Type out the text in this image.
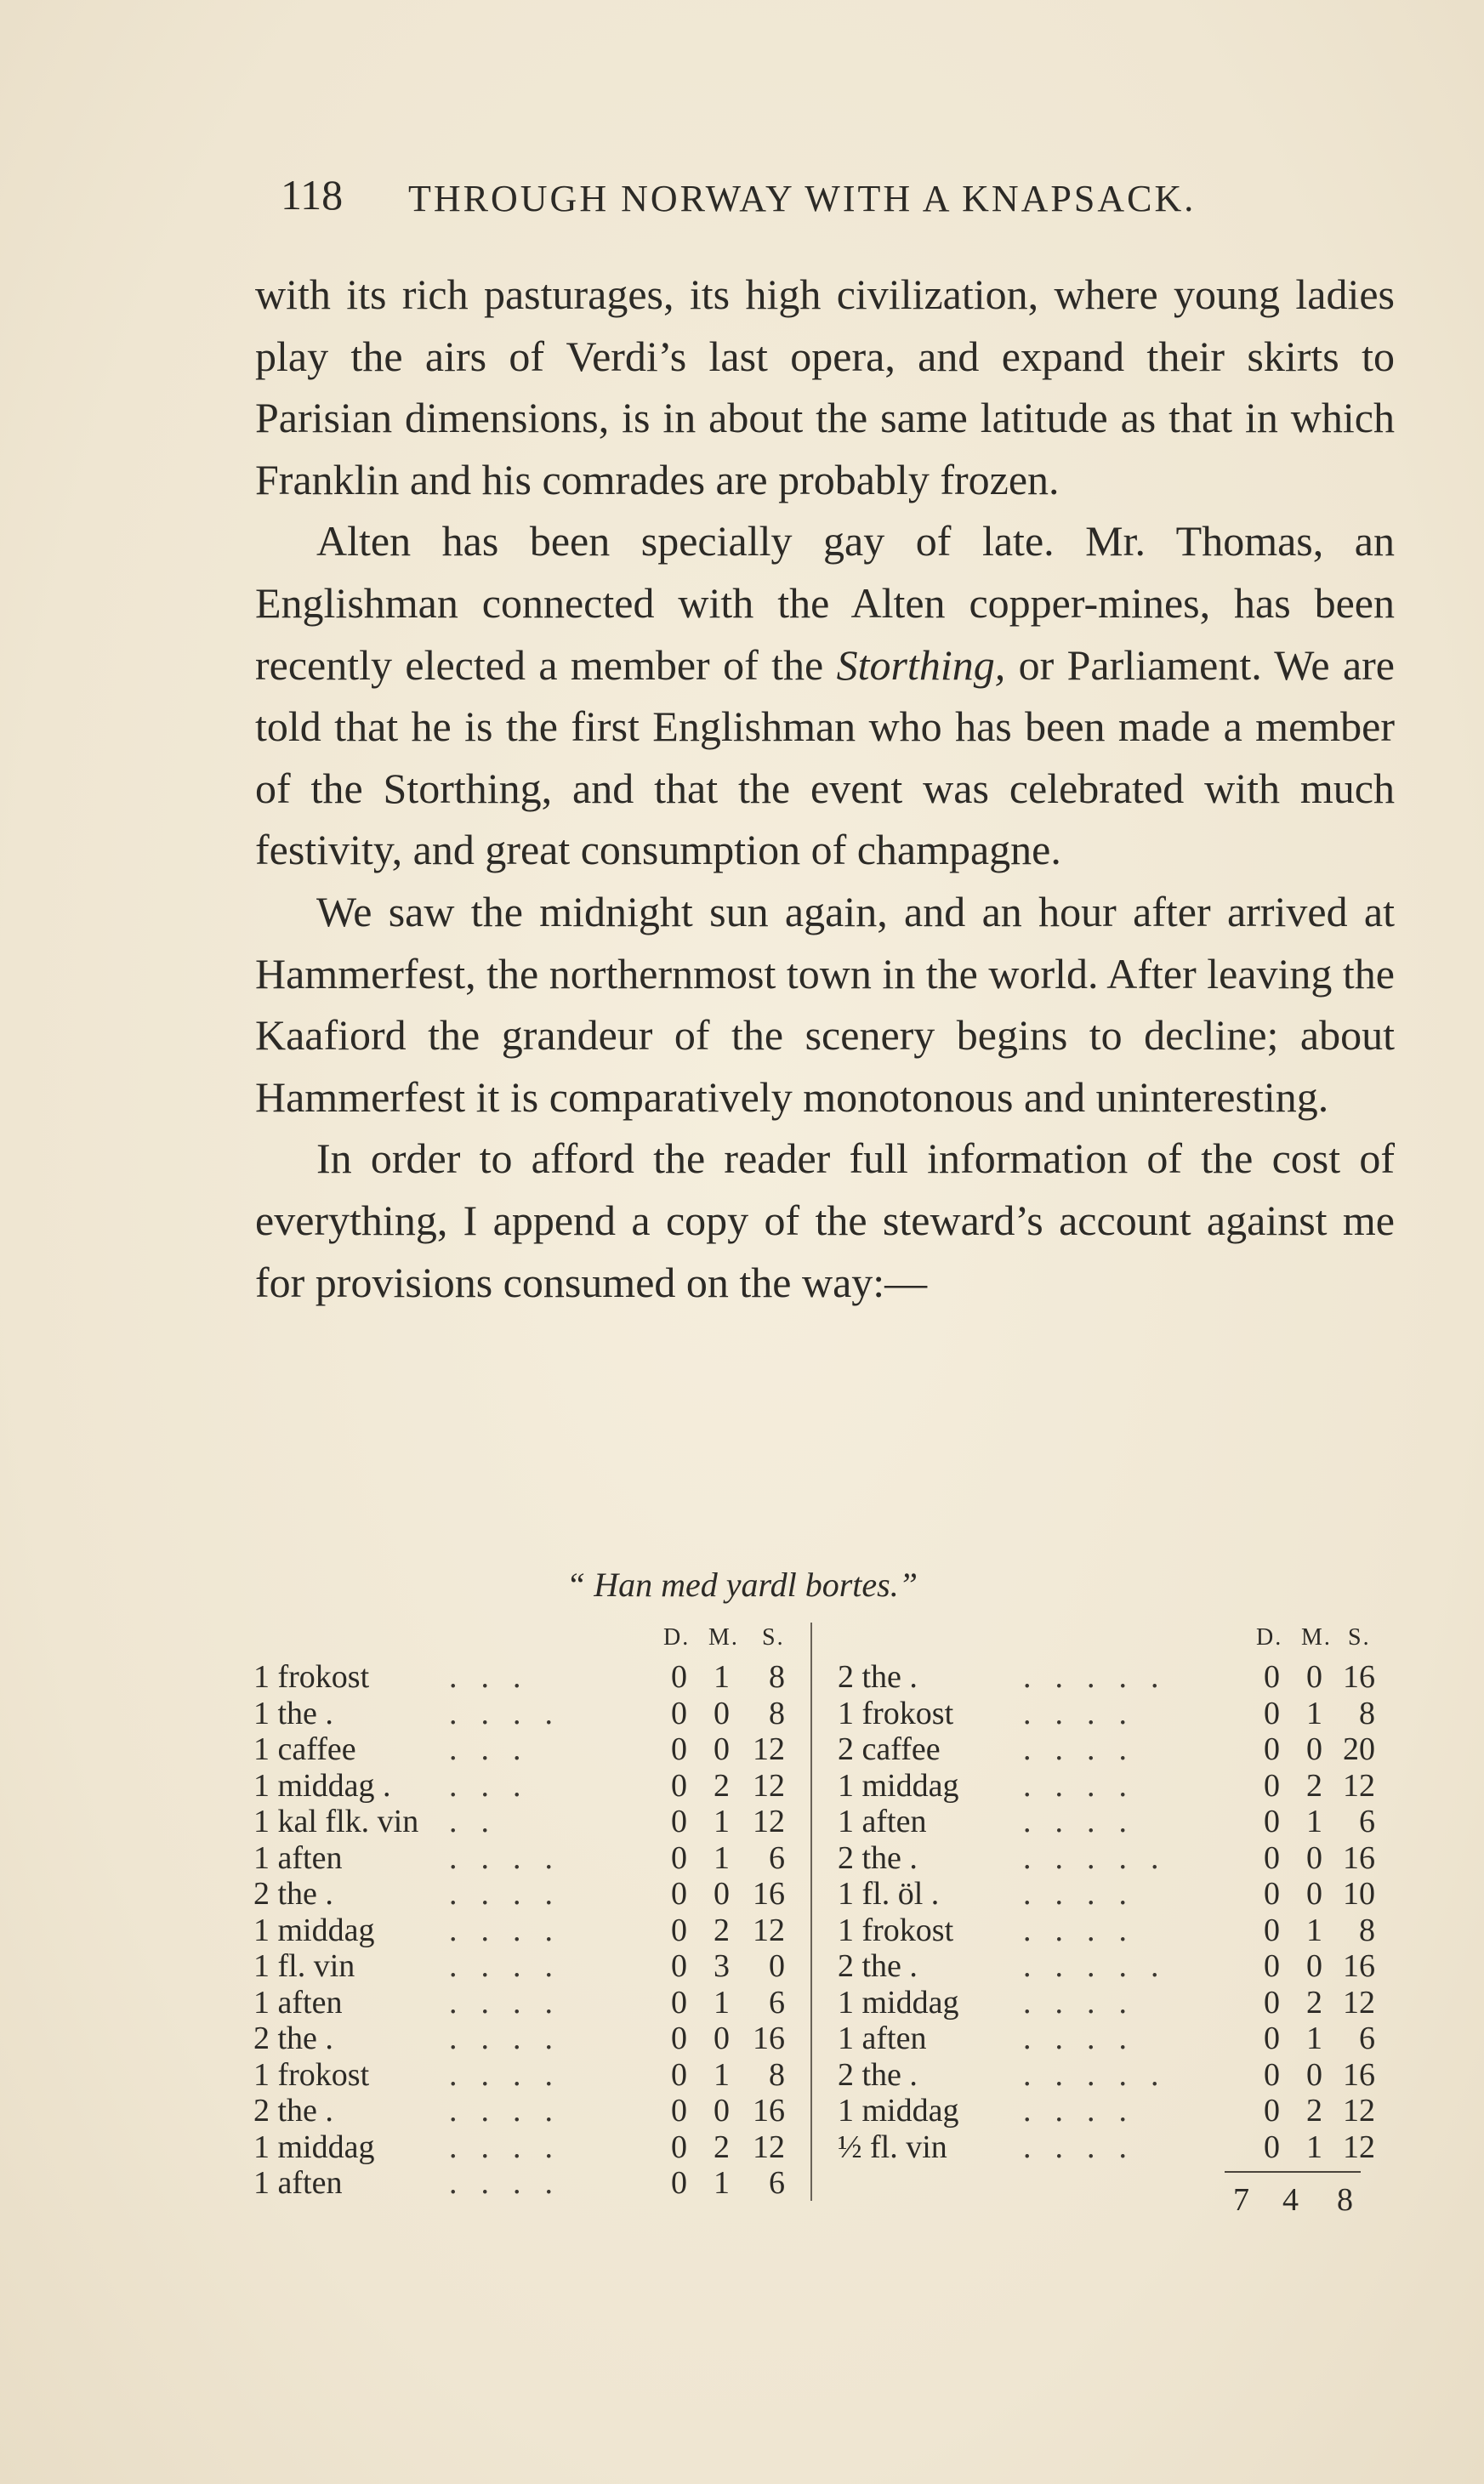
118 THROUGH NORWAY WITH A KNAPSACK.

with its rich pasturages, its high civilization, where young ladies play the airs of Verdi’s last opera, and expand their skirts to Parisian dimensions, is in about the same latitude as that in which Franklin and his comrades are probably frozen.

Alten has been specially gay of late. Mr. Thomas, an Englishman connected with the Alten copper-mines, has been recently elected a member of the Storthing, or Parliament. We are told that he is the first Englishman who has been made a member of the Storthing, and that the event was celebrated with much festivity, and great consumption of champagne.

We saw the midnight sun again, and an hour after arrived at Hammerfest, the northernmost town in the world. After leaving the Kaafiord the grandeur of the scenery begins to decline; about Hammerfest it is comparatively monotonous and uninteresting.

In order to afford the reader full information of the cost of everything, I append a copy of the steward’s account against me for provisions consumed on the way:—

“ Han med yardl bortes.”
D. M. S.
1 frokost ...	0 1	8
1 the .	....	0 0	8
1 caffee	...	0 0 12
1 middag . ...	0 2 12
1 kal flk. vin ..	0 1 12
1 aften	....	0 1	6
2 the .	....	0 0 16
1 middag ....	0 2 12
1 fl. vin	....	0 3	0
1 aften	....	0 1	6
2 the .	....	0 0 16
1 frokost ....	0 1	8
2 the .	....	0 0 16
1 middag ....	0 2 12
1 aften	....	0 1	6
D. M. S.
2 the .	.....	0 0 16
1 frokost ....	0 1	8
2 caffee	....	0 0 20
1 middag ....	0 2 12
1 aften	....	0 1	6
2 the .	.....	0 0 16
1 fl. öl .	....	0 0 10
1 frokost ....	0 1	8
2 the .	.....	0 0 16
1 middag ....	0 2 12
1 aften	....	0 1	6
2 the .	.....	0 0 16
1 middag ....	0 2 12
½ fl. vin ....	0 1 12
7 4 8
